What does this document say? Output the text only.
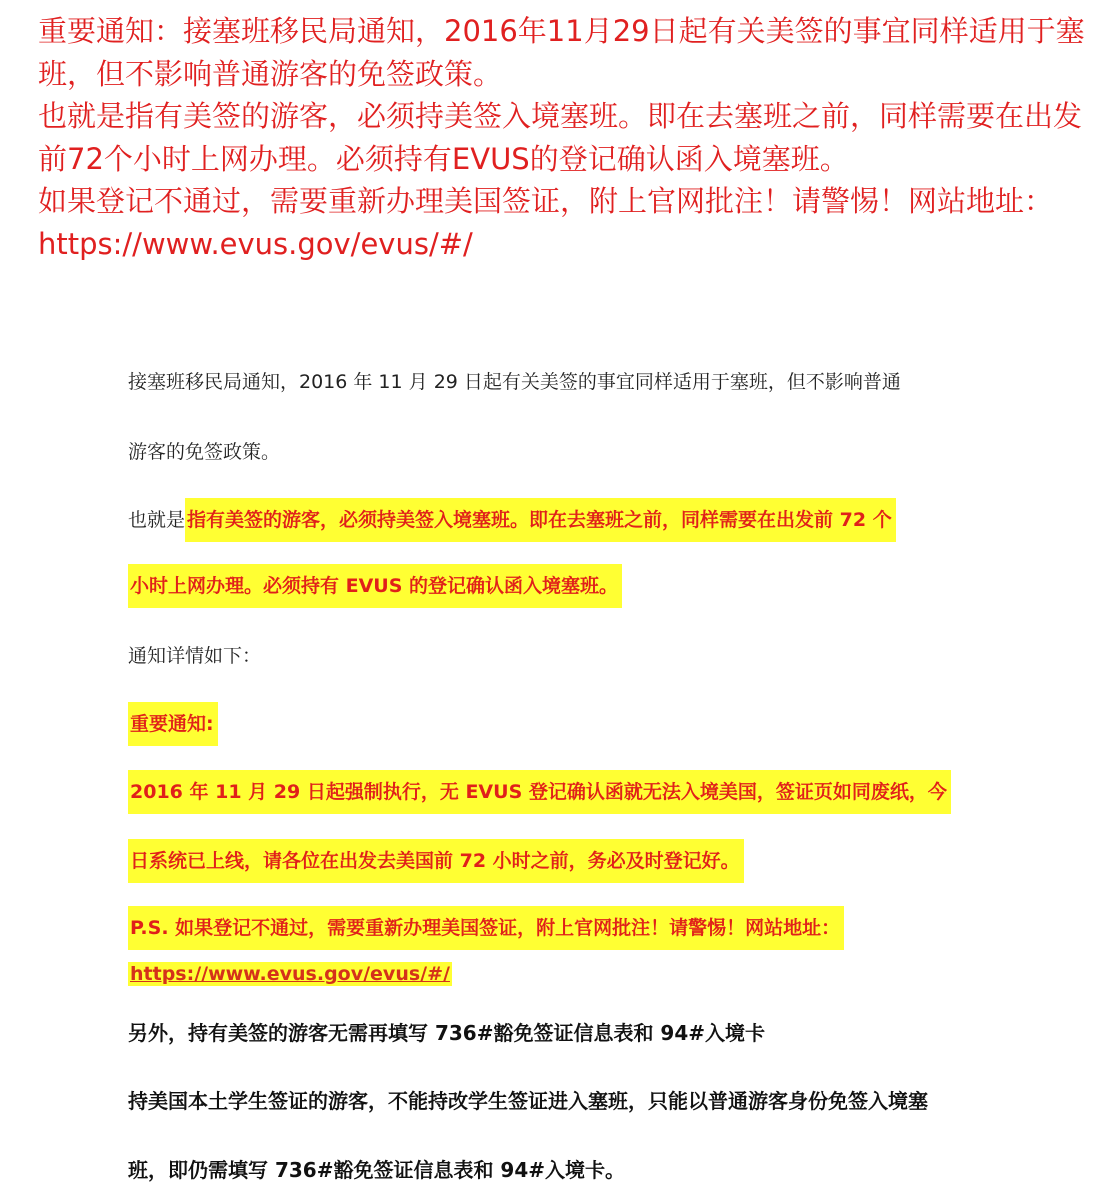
重要通知：接塞班移民局通知，2016年11月29日起有关美签的事宜同样适用于塞班，但不影响普通游客的免签政策。

也就是指有美签的游客，必须持美签入境塞班。即在去塞班之前，同样需要在出发前72个小时上网办理。必须持有EVUS的登记确认函入境塞班。

如果登记不通过，需要重新办理美国签证，附上官网批注！请警惕！网站地址：https://www.evus.gov/evus/#/

接塞班移民局通知，2016 年 11 月 29 日起有关美签的事宜同样适用于塞班，但不影响普通
游客的免签政策。
也就是 指有美签的游客，必须持美签入境塞班。即在去塞班之前，同样需要在出发前 72 个
小时上网办理。必须持有 EVUS 的登记确认函入境塞班。
通知详情如下：
重要通知:
2016 年 11 月 29 日起强制执行，无 EVUS 登记确认函就无法入境美国，签证页如同废纸，今
日系统已上线，请各位在出发去美国前 72 小时之前，务必及时登记好。
P.S. 如果登记不通过，需要重新办理美国签证，附上官网批注！请警惕！网站地址：
https://www.evus.gov/evus/#/
另外，持有美签的游客无需再填写 736#豁免签证信息表和 94#入境卡
持美国本土学生签证的游客，不能持改学生签证进入塞班，只能以普通游客身份免签入境塞
班，即仍需填写 736#豁免签证信息表和 94#入境卡。
